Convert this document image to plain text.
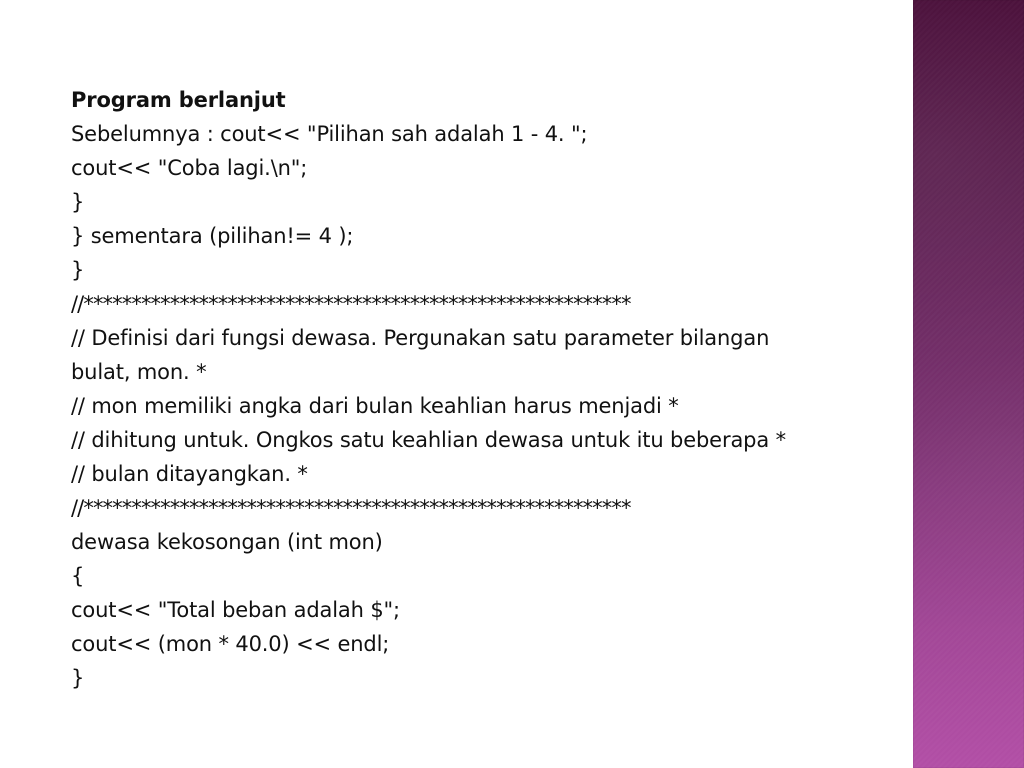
Program berlanjut
Sebelumnya : cout<< "Pilihan sah adalah 1 - 4. ";
cout<< "Coba lagi.\n";
}
} sementara (pilihan!= 4 );
}
//*********************************************************
// Definisi dari fungsi dewasa. Pergunakan satu parameter bilangan
bulat, mon. *
// mon memiliki angka dari bulan keahlian harus menjadi *
// dihitung untuk. Ongkos satu keahlian dewasa untuk itu beberapa *
// bulan ditayangkan. *
//*********************************************************
dewasa kekosongan (int mon)
{
cout<< "Total beban adalah $";
cout<< (mon * 40.0) << endl;
}
